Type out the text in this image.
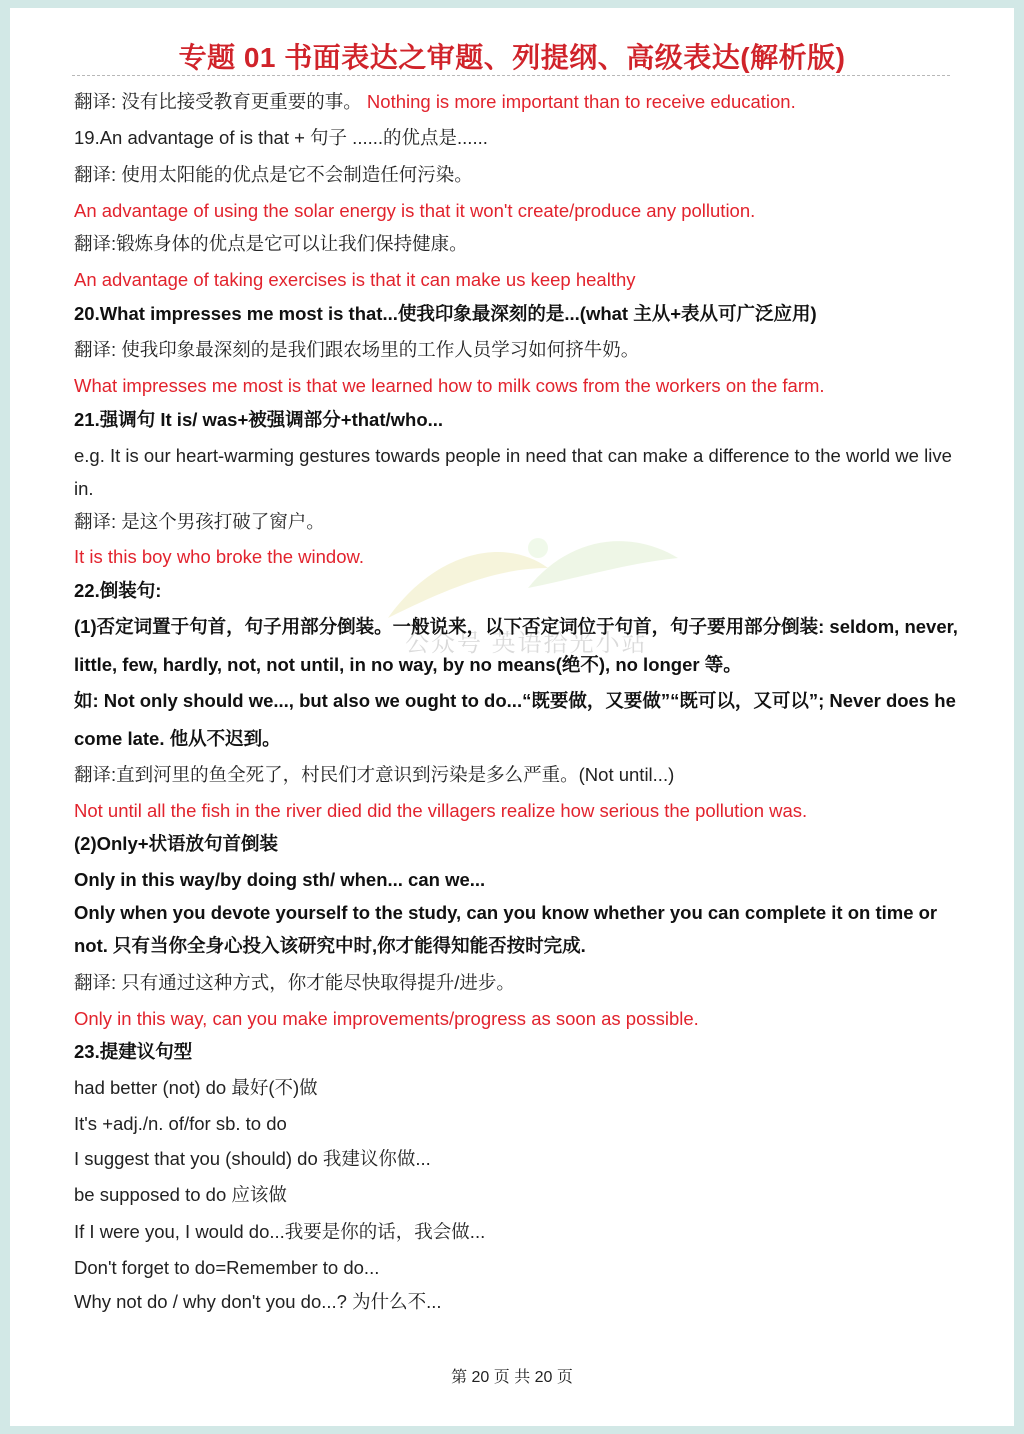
专题 01 书面表达之审题、列提纲、高级表达(解析版)
公众号 英语拾光小站
翻译: 没有比接受教育更重要的事。 Nothing is more important than to receive education.
19.An advantage of is that + 句子 ......的优点是......
翻译: 使用太阳能的优点是它不会制造任何污染。
An advantage of using the solar energy is that it won't create/produce any pollution.
翻译:锻炼身体的优点是它可以让我们保持健康。
An advantage of taking exercises is that it can make us keep healthy
20.What impresses me most is that...使我印象最深刻的是...(what 主从+表从可广泛应用)
翻译: 使我印象最深刻的是我们跟农场里的工作人员学习如何挤牛奶。
What impresses me most is that we learned how to milk cows from the workers on the farm.
21.强调句 It is/ was+被强调部分+that/who...
e.g. It is our heart-warming gestures towards people in need that can make a difference to the world we live in.
翻译: 是这个男孩打破了窗户。
It is this boy who broke the window.
22.倒装句:
(1)否定词置于句首，句子用部分倒装。一般说来，以下否定词位于句首，句子要用部分倒装: seldom, never, little, few, hardly, not, not until, in no way, by no means(绝不), no longer 等。
如: Not only should we..., but also we ought to do...“既要做，又要做”“既可以，又可以”; Never does he come late. 他从不迟到。
翻译:直到河里的鱼全死了，村民们才意识到污染是多么严重。(Not until...)
Not until all the fish in the river died did the villagers realize how serious the pollution was.
(2)Only+状语放句首倒装
Only in this way/by doing sth/ when... can we...
Only when you devote yourself to the study, can you know whether you can complete it on time or not. 只有当你全身心投入该研究中时,你才能得知能否按时完成.
翻译: 只有通过这种方式，你才能尽快取得提升/进步。
Only in this way, can you make improvements/progress as soon as possible.
23.提建议句型
had better (not) do 最好(不)做
It's +adj./n. of/for sb. to do
I suggest that you (should) do 我建议你做...
be supposed to do 应该做
If I were you, I would do...我要是你的话，我会做...
Don't forget to do=Remember to do...
Why not do / why don't you do...? 为什么不...
第 20 页 共 20 页
